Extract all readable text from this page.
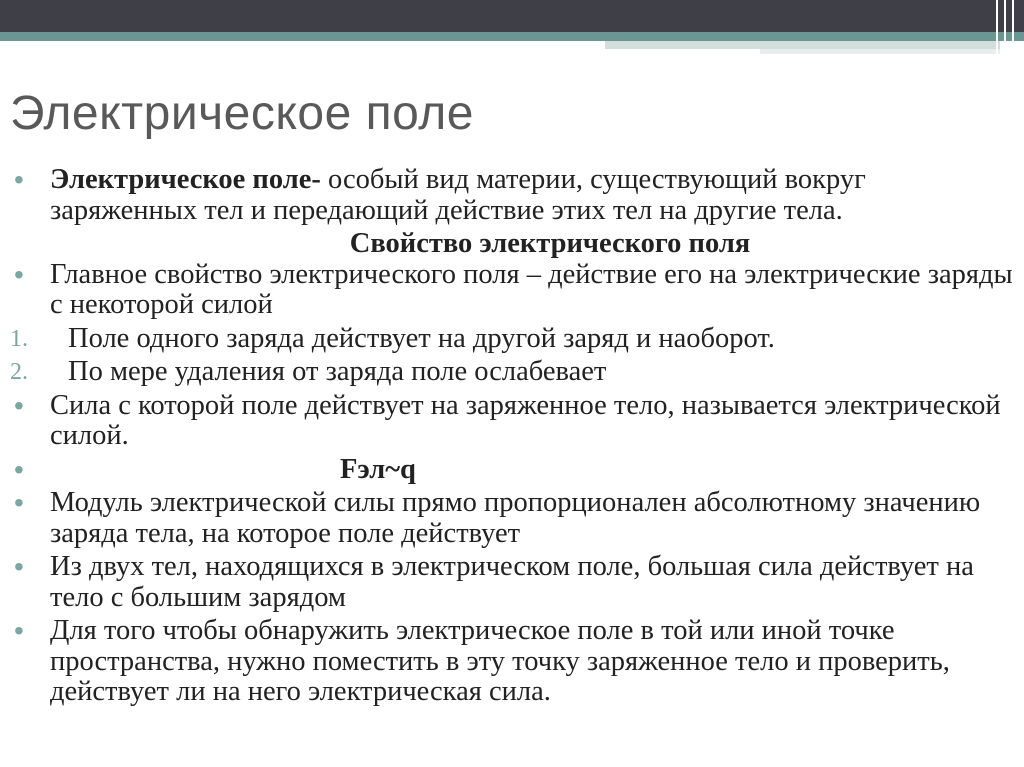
Электрическое поле
• Электрическое поле- особый вид материи, существующий вокруг заряженных тел и передающий действие этих тел на другие тела.
Свойство электрического поля
• Главное свойство электрического поля – действие его на электрические заряды с некоторой силой
1. Поле одного заряда действует на другой заряд и наоборот.
2. По мере удаления от заряда поле ослабевает
• Сила с которой поле действует на заряженное тело, называется электрической силой.
•	Fэл~q
• Модуль электрической силы прямо пропорционален абсолютному значению заряда тела, на которое поле действует
• Из двух тел, находящихся в электрическом поле, большая сила действует на тело с большим зарядом
• Для того чтобы обнаружить электрическое поле в той или иной точке пространства, нужно поместить в эту точку заряженное тело и проверить, действует ли на него электрическая сила.
